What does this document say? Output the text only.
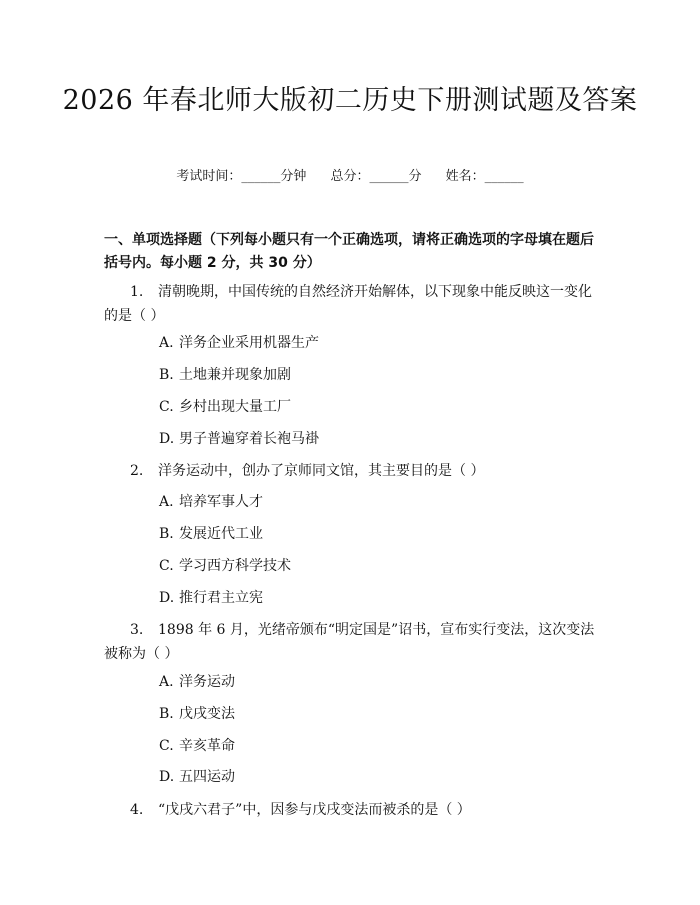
2026 年春北师大版初二历史下册测试题及答案
考试时间：______分钟 总分：______分 姓名：______
一、单项选择题（下列每小题只有一个正确选项，请将正确选项的字母填在题后括号内。每小题 2 分，共 30 分）
1. 清朝晚期，中国传统的自然经济开始解体，以下现象中能反映这一变化的是（ ）
A. 洋务企业采用机器生产
B. 土地兼并现象加剧
C. 乡村出现大量工厂
D. 男子普遍穿着长袍马褂
2. 洋务运动中，创办了京师同文馆，其主要目的是（ ）
A. 培养军事人才
B. 发展近代工业
C. 学习西方科学技术
D. 推行君主立宪
3. 1898 年 6 月，光绪帝颁布“明定国是”诏书，宣布实行变法，这次变法被称为（ ）
A. 洋务运动
B. 戊戌变法
C. 辛亥革命
D. 五四运动
4. “戊戌六君子”中，因参与戊戌变法而被杀的是（ ）
